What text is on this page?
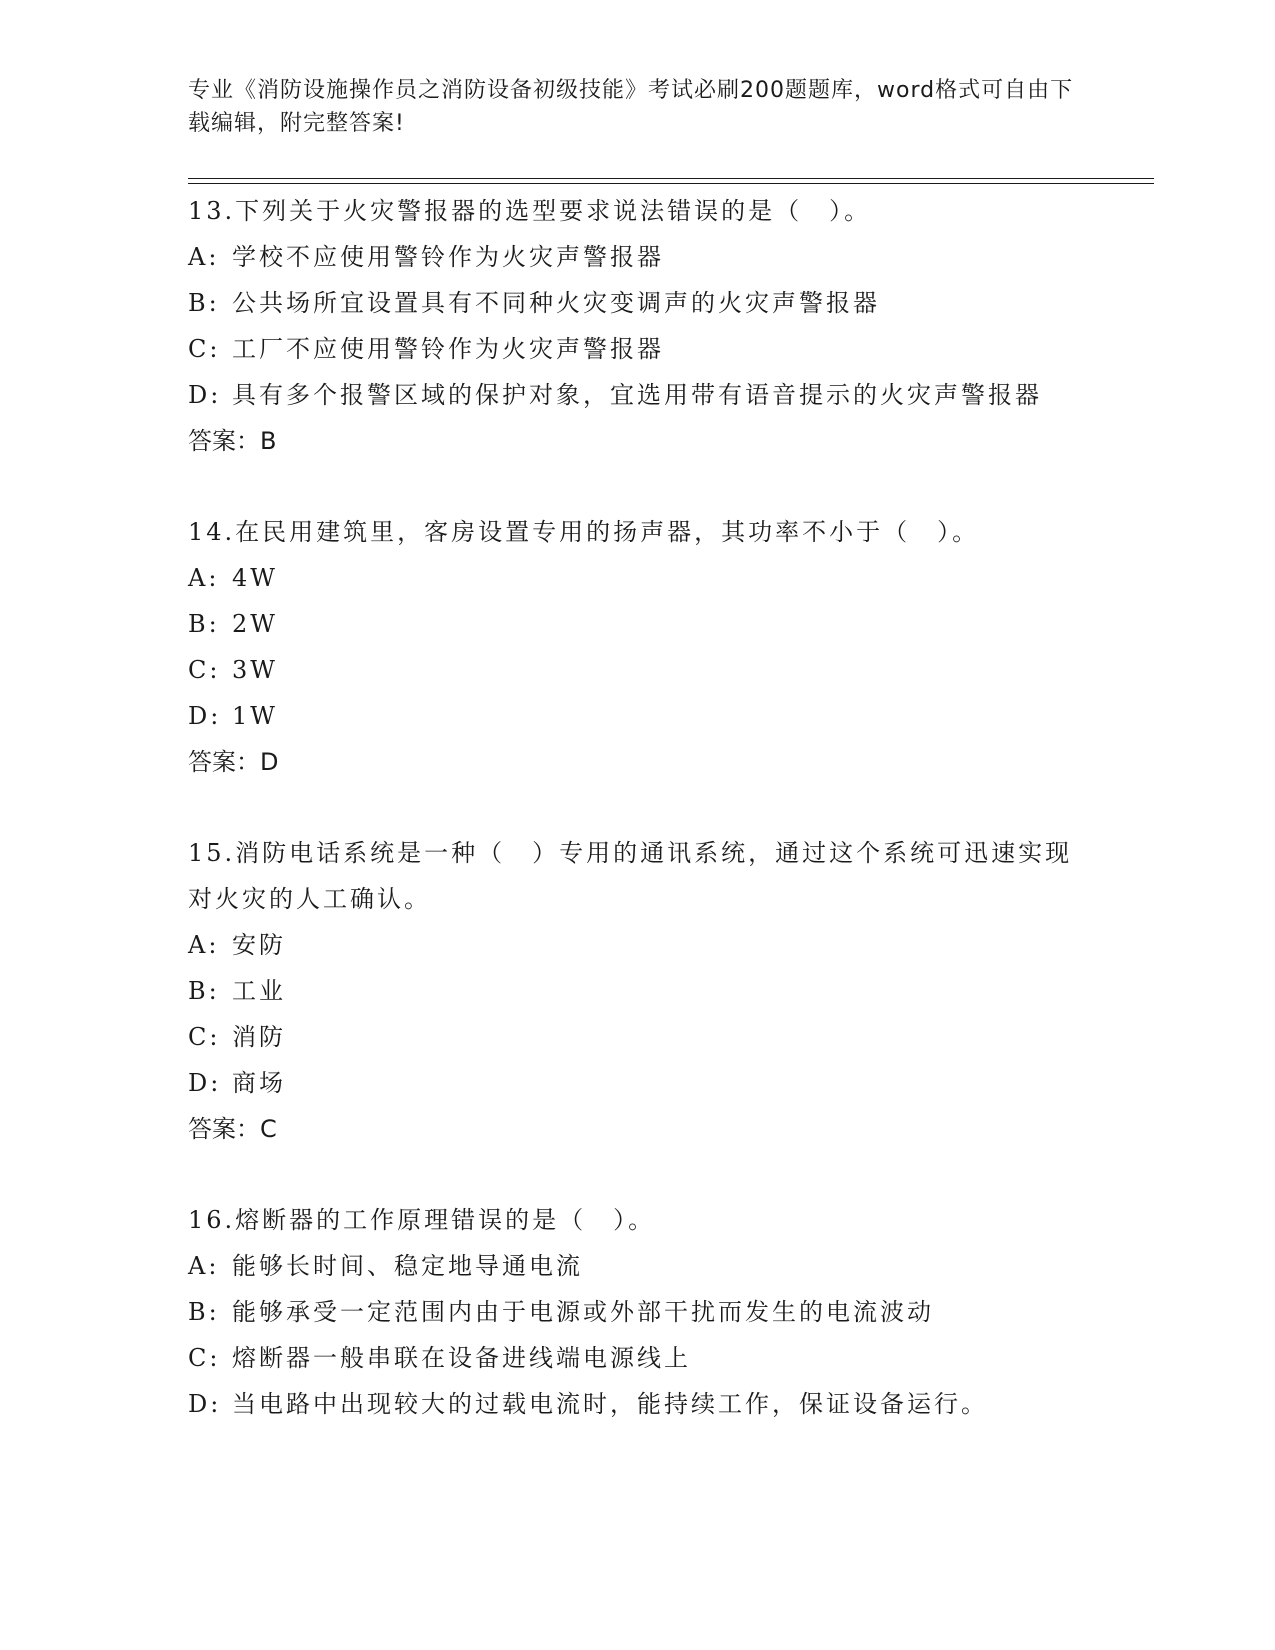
专业《消防设施操作员之消防设备初级技能》考试必刷200题题库，word格式可自由下载编辑，附完整答案!
13.下列关于火灾警报器的选型要求说法错误的是（　）。
A: 学校不应使用警铃作为火灾声警报器
B: 公共场所宜设置具有不同种火灾变调声的火灾声警报器
C: 工厂不应使用警铃作为火灾声警报器
D: 具有多个报警区域的保护对象，宜选用带有语音提示的火灾声警报器
答案：B
14.在民用建筑里，客房设置专用的扬声器，其功率不小于（　）。
A: 4W
B: 2W
C: 3W
D: 1W
答案：D
15.消防电话系统是一种（　）专用的通讯系统，通过这个系统可迅速实现对火灾的人工确认。
A: 安防
B: 工业
C: 消防
D: 商场
答案：C
16.熔断器的工作原理错误的是（　）。
A: 能够长时间、稳定地导通电流
B: 能够承受一定范围内由于电源或外部干扰而发生的电流波动
C: 熔断器一般串联在设备进线端电源线上
D: 当电路中出现较大的过载电流时，能持续工作，保证设备运行。
